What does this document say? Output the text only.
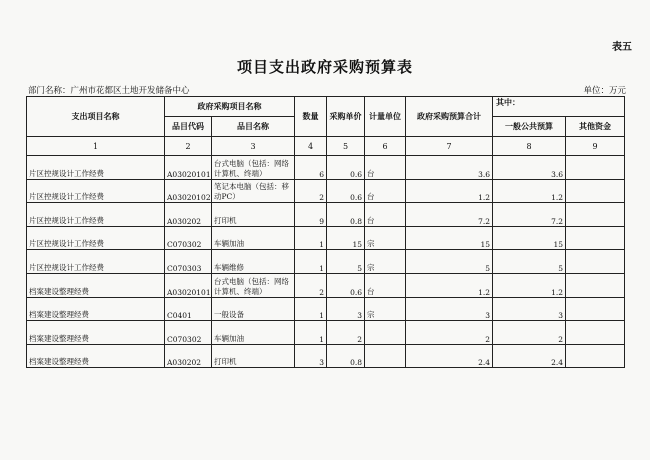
表五
项目支出政府采购预算表
部门名称：广州市花都区土地开发储备中心	单位：万元
支出项目名称	政府采购项目名称		数量	采购单价	计量单位	政府采购预算合计	其中：	
	品目代码	品目名称					一般公共预算	其他资金
1	2	3	4	5	6	7	8	9
片区控规设计工作经费	A03020101	台式电脑（包括：网络计算机、终端）	6	0.6	台	3.6	3.6	
片区控规设计工作经费	A03020102	笔记本电脑（包括：移动PC）	2	0.6	台	1.2	1.2	
片区控规设计工作经费	A030202	打印机	9	0.8	台	7.2	7.2	
片区控规设计工作经费	C070302	车辆加油	1	15	宗	15	15	
片区控规设计工作经费	C070303	车辆维修	1	5	宗	5	5	
档案建设整理经费	A03020101	台式电脑（包括：网络计算机、终端）	2	0.6	台	1.2	1.2	
档案建设整理经费	C0401	一般设备	1	3	宗	3	3	
档案建设整理经费	C070302	车辆加油	1	2		2	2	
档案建设整理经费	A030202	打印机	3	0.8		2.4	2.4	
